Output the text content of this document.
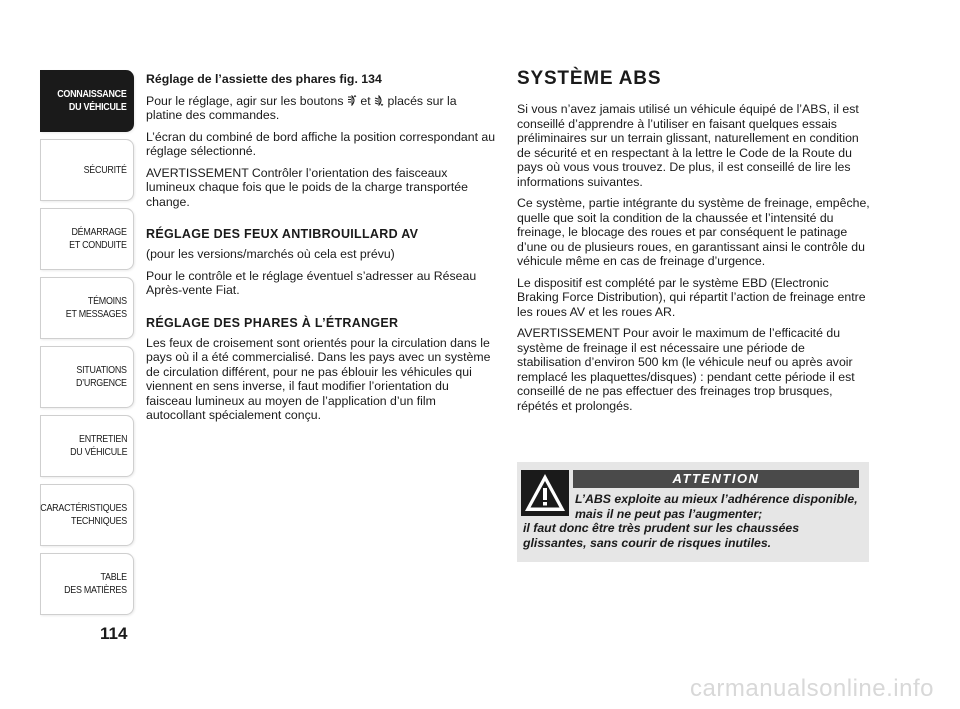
CONNAISSANCE
DU VÉHICULE
SÉCURITÉ
DÉMARRAGE
ET CONDUITE
TÉMOINS
ET MESSAGES
SITUATIONS
D’URGENCE
ENTRETIEN
DU VÉHICULE
CARACTÉRISTIQUES
TECHNIQUES
TABLE
DES MATIÈRES
114

Réglage de l’assiette des phares fig. 134

Pour le réglage, agir sur les boutons et placés sur la platine des commandes.

L’écran du combiné de bord affiche la position correspondant au réglage sélectionné.

AVERTISSEMENT Contrôler l’orientation des faisceaux lumineux chaque fois que le poids de la charge transportée change.

RÉGLAGE DES FEUX ANTIBROUILLARD AV

(pour les versions/marchés où cela est prévu)

Pour le contrôle et le réglage éventuel s’adresser au Réseau Après-vente Fiat.

RÉGLAGE DES PHARES À L’ÉTRANGER

Les feux de croisement sont orientés pour la circulation dans le pays où il a été commercialisé. Dans les pays avec un système de circulation différent, pour ne pas éblouir les véhicules qui viennent en sens inverse, il faut modifier l’orientation du faisceau lumineux au moyen de l’application d’un film autocollant spécialement conçu.

SYSTÈME ABS

Si vous n’avez jamais utilisé un véhicule équipé de l’ABS, il est conseillé d’apprendre à l’utiliser en faisant quelques essais préliminaires sur un terrain glissant, naturellement en condition de sécurité et en respectant à la lettre le Code de la Route du pays où vous vous trouvez. De plus, il est conseillé de lire les informations suivantes.

Ce système, partie intégrante du système de freinage, empêche, quelle que soit la condition de la chaussée et l’intensité du freinage, le blocage des roues et par conséquent le patinage d’une ou de plusieurs roues, en garantissant ainsi le contrôle du véhicule même en cas de freinage d’urgence.

Le dispositif est complété par le système EBD (Electronic Braking Force Distribution), qui répartit l’action de freinage entre les roues AV et les roues AR.

AVERTISSEMENT Pour avoir le maximum de l’efficacité du système de freinage il est nécessaire une période de stabilisation d’environ 500 km (le véhicule neuf ou après avoir remplacé les plaquettes/disques) : pendant cette période il est conseillé de ne pas effectuer des freinages trop brusques, répétés et prolongés.

ATTENTION
L’ABS exploite au mieux l’adhérence disponible, mais il ne peut pas l’augmenter;
il faut donc être très prudent sur les chaussées glissantes, sans courir de risques inutiles.
carmanualsonline.info
